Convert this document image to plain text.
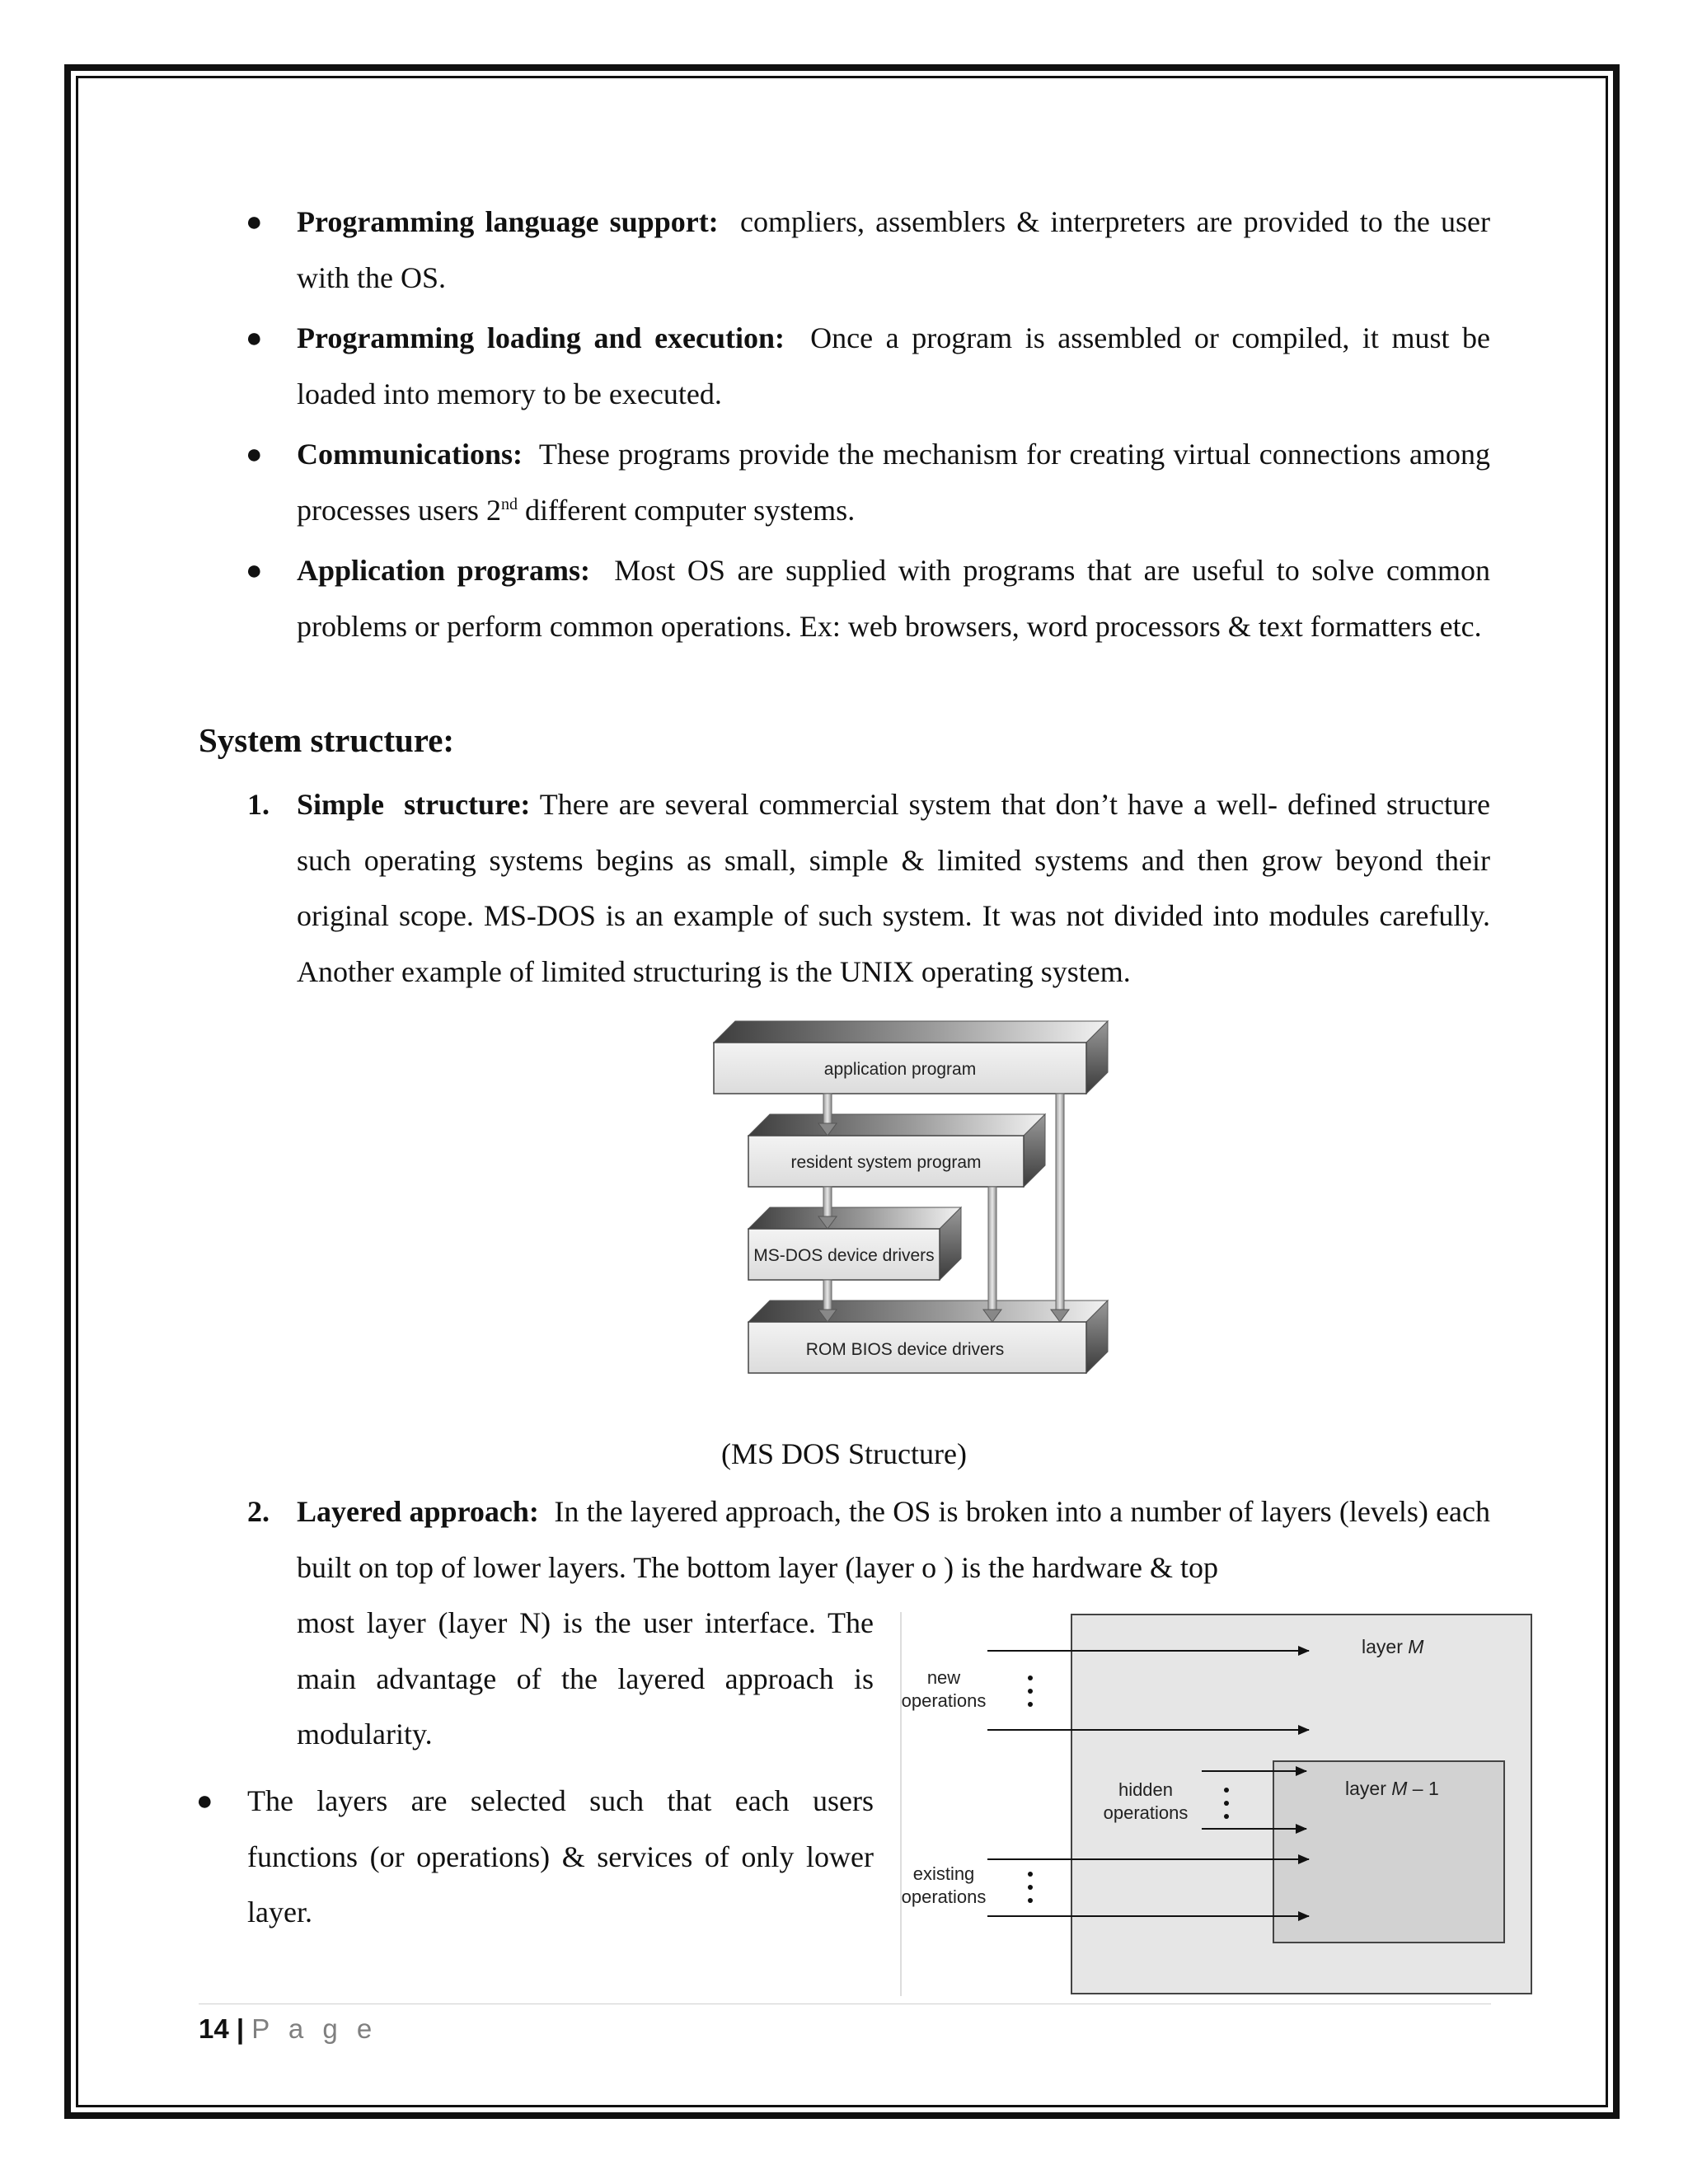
● Programming language support: compliers, assemblers & interpreters are provided to the user with the OS.
● Programming loading and execution: Once a program is assembled or compiled, it must be loaded into memory to be executed.
● Communications: These programs provide the mechanism for creating virtual connections among processes users 2nd different computer systems.
● Application programs: Most OS are supplied with programs that are useful to solve common problems or perform common operations. Ex: web browsers, word processors & text formatters etc.
System structure:
1. Simple  structure: There are several commercial system that don’t have a well- defined structure such operating systems begins as small, simple & limited systems and then grow beyond their original scope. MS-DOS is an example of such system. It was not divided into modules carefully. Another example of limited structuring is the UNIX operating system.
application program
resident system program
MS-DOS device drivers
ROM BIOS device drivers
(MS DOS Structure)
2. Layered approach: In the layered approach, the OS is broken into a number of layers (levels) each built on top of lower layers. The bottom layer (layer o ) is the hardware & top
most layer (layer N) is the user interface. The main advantage of the layered approach is modularity.
● The layers are selected such that each users functions (or operations) & services of only lower layer.
layer M
layer M – 1
new
operations
hidden
operations
existing
operations
14 | P a g e
